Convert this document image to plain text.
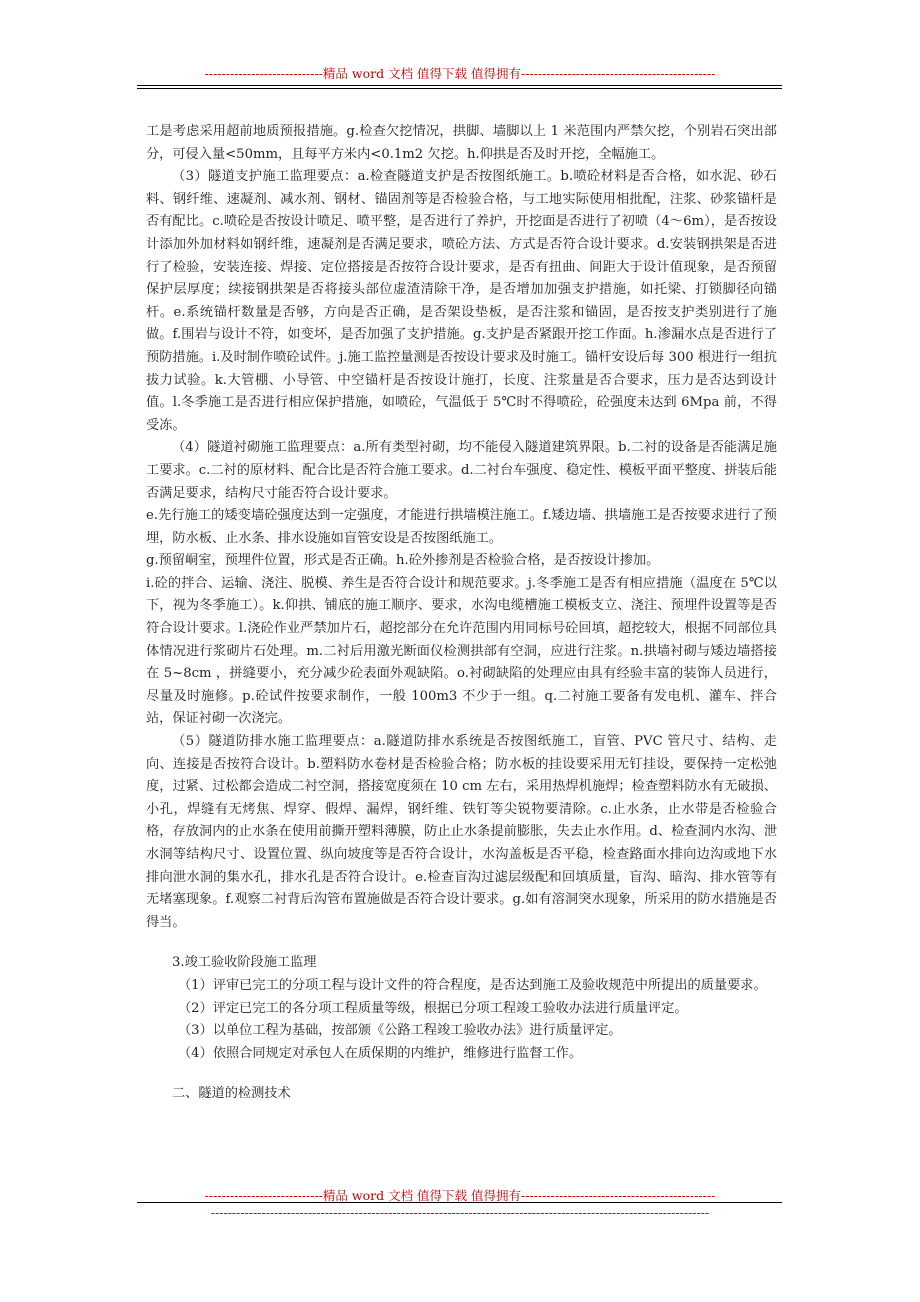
----------------------------精品 word 文档 值得下载 值得拥有----------------------------------------------

工是考虑采用超前地质预报措施。g.检查欠挖情况，拱脚、墙脚以上 1 米范围内严禁欠挖，个别岩石突出部分，可侵入量<50mm，且每平方米内<0.1m2 欠挖。h.仰拱是否及时开挖，全幅施工。

（3）隧道支护施工监理要点：a.检查隧道支护是否按图纸施工。b.喷砼材料是否合格，如水泥、砂石料、钢纤维、速凝剂、减水剂、钢材、锚固剂等是否检验合格，与工地实际使用相批配，注浆、砂浆锚杆是否有配比。c.喷砼是否按设计喷足、喷平整，是否进行了养护，开挖面是否进行了初喷（4～6m），是否按设计添加外加材料如钢纤维，速凝剂是否满足要求，喷砼方法、方式是否符合设计要求。d.安装钢拱架是否进行了检验，安装连接、焊接、定位搭接是否按符合设计要求，是否有扭曲、间距大于设计值现象，是否预留保护层厚度；续接钢拱架是否将接头部位虚渣清除干净，是否增加加强支护措施，如托梁、打锁脚径向锚杆。e.系统锚杆数量是否够，方向是否正确，是否架设垫板，是否注浆和锚固，是否按支护类别进行了施做。f.围岩与设计不符，如变坏，是否加强了支护措施。g.支护是否紧跟开挖工作面。h.渗漏水点是否进行了预防措施。i.及时制作喷砼试件。j.施工监控量测是否按设计要求及时施工。锚杆安设后每 300 根进行一组抗拔力试验。k.大管棚、小导管、中空锚杆是否按设计施打，长度、注浆量是否合要求，压力是否达到设计值。l.冬季施工是否进行相应保护措施，如喷砼，气温低于 5℃时不得喷砼，砼强度未达到 6Mpa 前，不得受冻。

（4）隧道衬砌施工监理要点：a.所有类型衬砌，均不能侵入隧道建筑界限。b.二衬的设备是否能满足施工要求。c.二衬的原材料、配合比是否符合施工要求。d.二衬台车强度、稳定性、模板平面平整度、拼装后能否满足要求，结构尺寸能否符合设计要求。

e.先行施工的矮变墙砼强度达到一定强度，才能进行拱墙模注施工。f.矮边墙、拱墙施工是否按要求进行了预埋，防水板、止水条、排水设施如盲管安设是否按图纸施工。

g.预留峒室，预埋件位置，形式是否正确。h.砼外掺剂是否检验合格，是否按设计掺加。

i.砼的拌合、运输、浇注、脱模、养生是否符合设计和规范要求。j.冬季施工是否有相应措施（温度在 5℃以下，视为冬季施工）。k.仰拱、铺底的施工顺序、要求，水沟电缆槽施工模板支立、浇注、预埋件设置等是否符合设计要求。l.浇砼作业严禁加片石，超挖部分在允许范围内用同标号砼回填，超挖较大，根据不同部位具体情况进行浆砌片石处理。m.二衬后用激光断面仪检测拱部有空洞，应进行注浆。n.拱墙衬砌与矮边墙搭接在 5~8cm ，拼缝要小，充分减少砼表面外观缺陷。o.衬砌缺陷的处理应由具有经验丰富的装饰人员进行，尽量及时施修。p.砼试件按要求制作，一般 100m3 不少于一组。q.二衬施工要备有发电机、灌车、拌合站，保证衬砌一次浇完。

（5）隧道防排水施工监理要点：a.隧道防排水系统是否按图纸施工，盲管、PVC 管尺寸、结构、走向、连接是否按符合设计。b.塑料防水卷材是否检验合格；防水板的挂设要采用无钉挂设，要保持一定松弛度，过紧、过松都会造成二衬空洞，搭接宽度须在 10 cm 左右，采用热焊机施焊；检查塑料防水有无破损、小孔，焊缝有无烤焦、焊穿、假焊、漏焊，钢纤维、铁钉等尖锐物要清除。c.止水条，止水带是否检验合格，存放洞内的止水条在使用前撕开塑料薄膜，防止止水条提前膨胀，失去止水作用。d、检查洞内水沟、泄水洞等结构尺寸、设置位置、纵向坡度等是否符合设计，水沟盖板是否平稳，检查路面水排向边沟或地下水排向泄水洞的集水孔，排水孔是否符合设计。e.检查盲沟过滤层级配和回填质量，盲沟、暗沟、排水管等有无堵塞现象。f.观察二衬背后沟管布置施做是否符合设计要求。g.如有溶洞突水现象，所采用的防水措施是否得当。

3.竣工验收阶段施工监理

（1）评审已完工的分项工程与设计文件的符合程度，是否达到施工及验收规范中所提出的质量要求。

（2）评定已完工的各分项工程质量等级，根据已分项工程竣工验收办法进行质量评定。

（3）以单位工程为基础，按部颁《公路工程竣工验收办法》进行质量评定。

（4）依照合同规定对承包人在质保期的内维护，维修进行监督工作。

二、隧道的检测技术

----------------------------精品 word 文档 值得下载 值得拥有----------------------------------------------
----------------------------------------------------------------------------------------------------------------------
